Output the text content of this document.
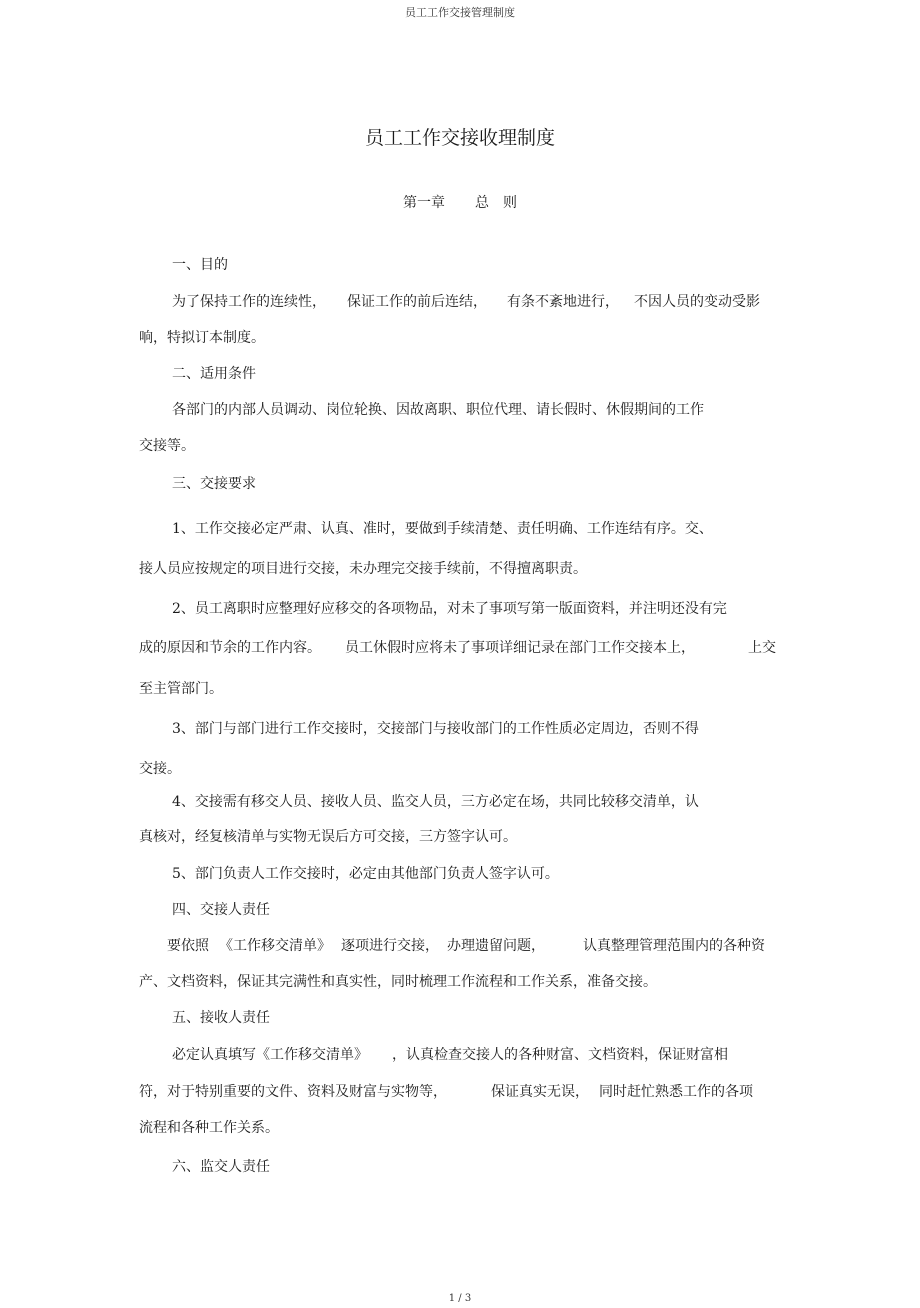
员工工作交接管理制度
员工工作交接收理制度
第一章 总　则
一、目的
为了保持工作的连续性， 保证工作的前后连结， 有条不紊地进行， 不因人员的变动受影
响，特拟订本制度。
二、适用条件
各部门的内部人员调动、岗位轮换、因故离职、职位代理、请长假时、休假期间的工作
交接等。
三、交接要求
1、工作交接必定严肃、认真、准时，要做到手续清楚、责任明确、工作连结有序。交、
接人员应按规定的项目进行交接，未办理完交接手续前，不得擅离职责。
2、员工离职时应整理好应移交的各项物品，对未了事项写第一版面资料，并注明还没有完
成的原因和节余的工作内容。 员工休假时应将未了事项详细记录在部门工作交接本上，	上交
至主管部门。
3、部门与部门进行工作交接时，交接部门与接收部门的工作性质必定周边，否则不得
交接。
4、交接需有移交人员、接收人员、监交人员，三方必定在场，共同比较移交清单，认
真核对，经复核清单与实物无误后方可交接，三方签字认可。
5、部门负责人工作交接时，必定由其他部门负责人签字认可。
四、交接人责任
要依照 《工作移交清单》 逐项进行交接， 办理遗留问题，	认真整理管理范围内的各种资
产、文档资料，保证其完满性和真实性，同时梳理工作流程和工作关系，准备交接。
五、接收人责任
必定认真填写《工作移交清单》 ，认真检查交接人的各种财富、文档资料，保证财富相
符，对于特别重要的文件、资料及财富与实物等，	保证真实无误， 同时赶忙熟悉工作的各项
流程和各种工作关系。
六、监交人责任
1 / 3
